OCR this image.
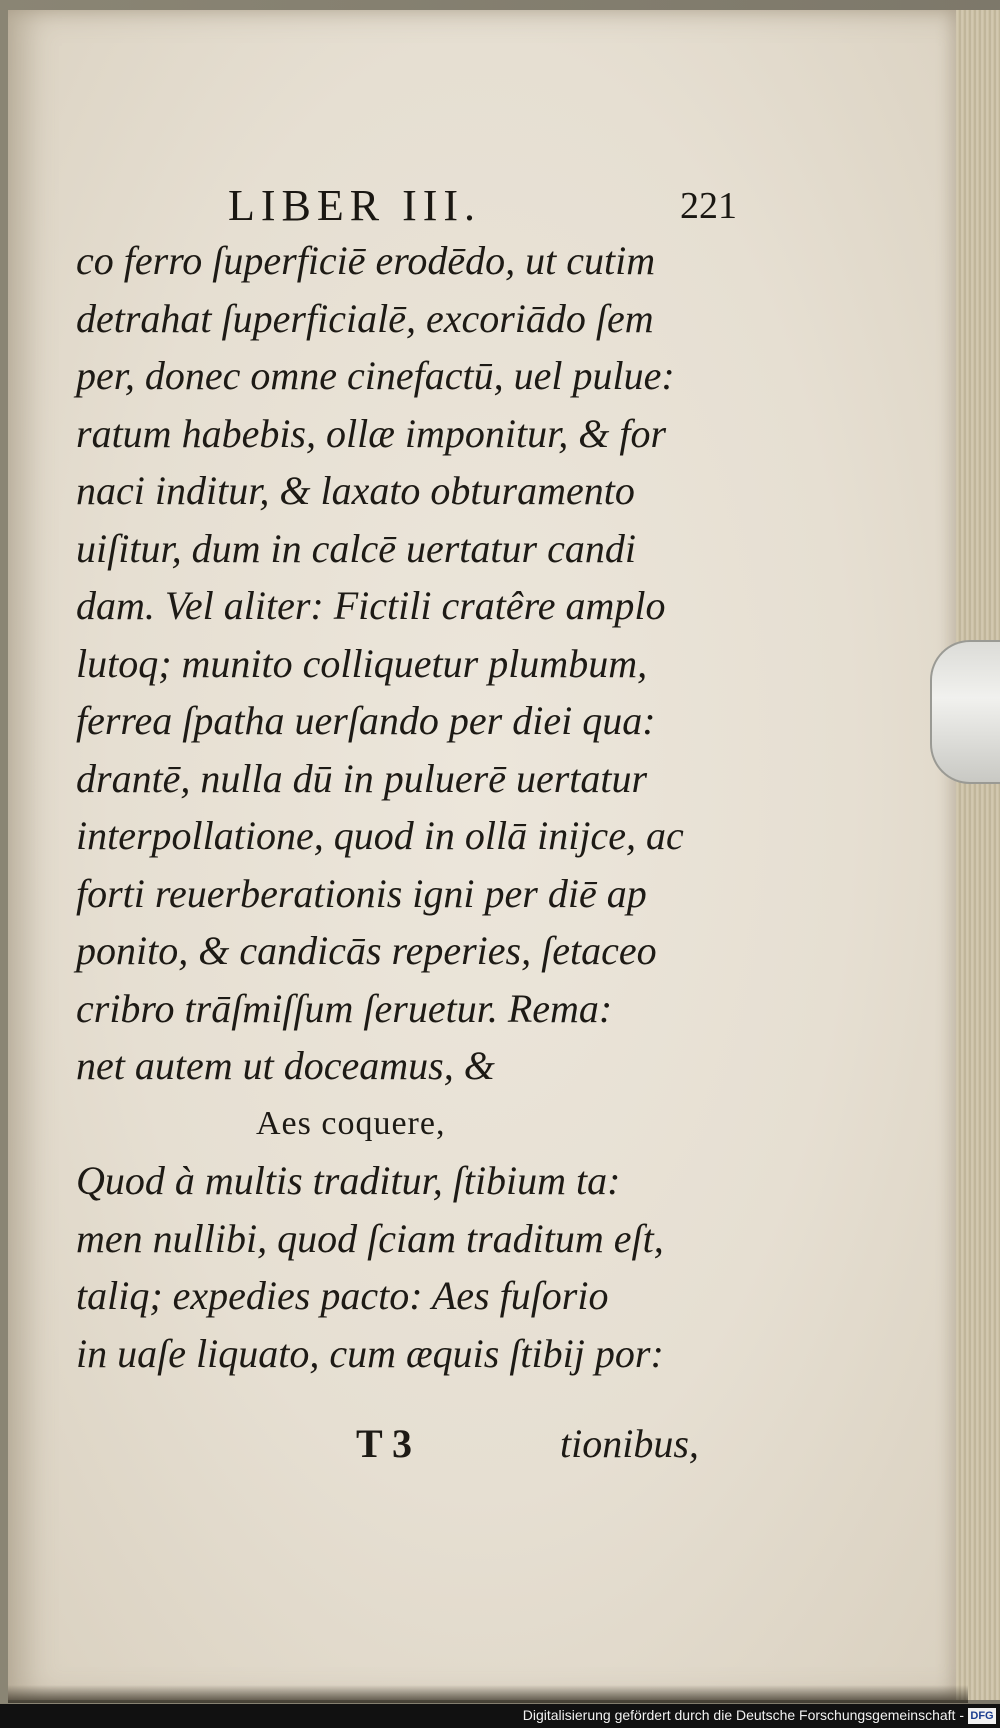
LIBER III.	221
co ferro ſuperficiē erodēdo, ut cutim
detrahat ſuperficialē, excoriādo ſem
per, donec omne cinefactū, uel pulue:
ratum habebis, ollæ imponitur, & for
naci inditur, & laxato obturamento
uiſitur, dum in calcē uertatur candi
dam. Vel aliter: Fictili cratêre amplo
lutoq; munito colliquetur plumbum,
ferrea ſpatha uerſando per diei qua:
drantē, nulla dū in puluerē uertatur
interpollatione, quod in ollā inijce, ac
forti reuerberationis igni per diē ap
ponito, & candicās reperies, ſetaceo
cribro trāſmiſſum ſeruetur. Rema:
net autem ut doceamus, &
Aes coquere,
Quod à multis traditur, ſtibium ta:
men nullibi, quod ſciam traditum eſt,
taliq; expedies pacto: Aes fuſorio
in uaſe liquato, cum æquis ſtibij por:
T 3	tionibus,
Digitalisierung gefördert durch die Deutsche Forschungsgemeinschaft - DFG
